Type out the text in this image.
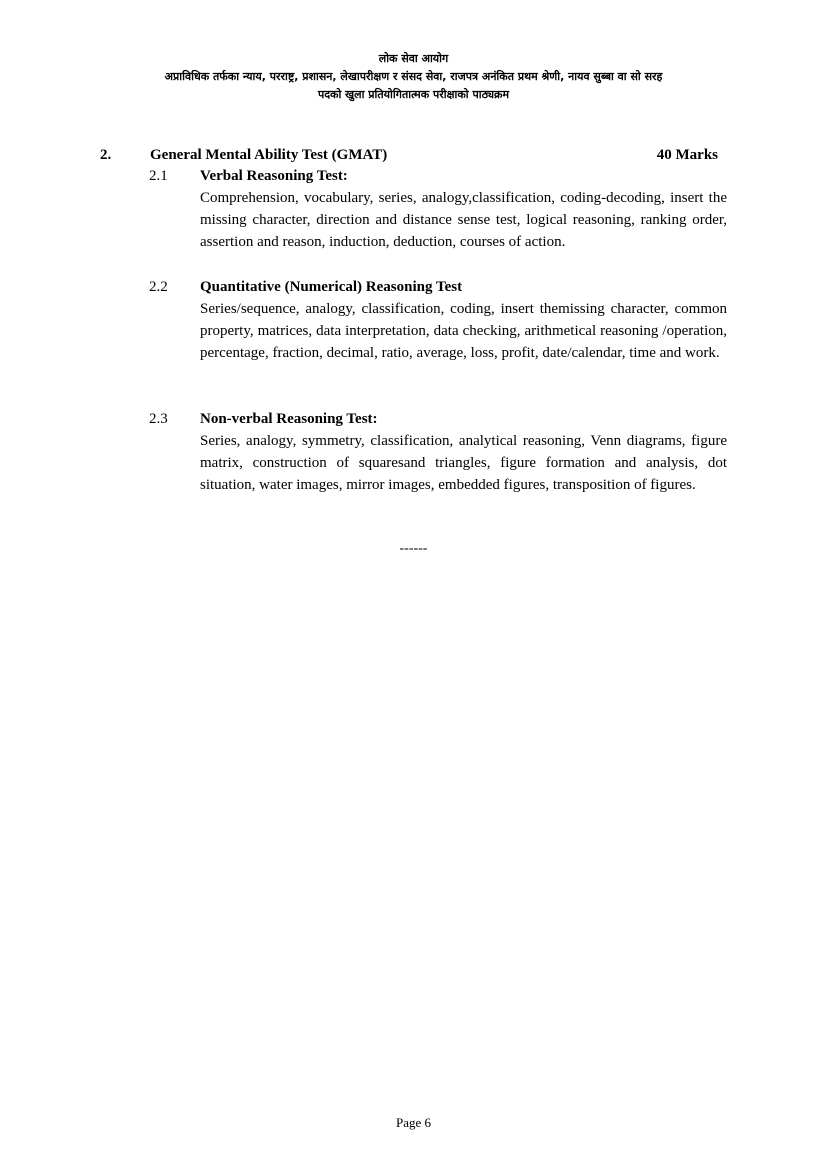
लोक सेवा आयोग
अप्राविधिक तर्फका न्याय, परराष्ट्र, प्रशासन, लेखापरीक्षण र संसद सेवा, राजपत्र अनंकित प्रथम श्रेणी, नायव सुब्बा वा सो सरह
पदको खुला प्रतियोगितात्मक परीक्षाको पाठ्यक्रम
2.	General Mental Ability Test (GMAT)	40 Marks
2.1 Verbal Reasoning Test:
Comprehension, vocabulary, series, analogy,classification, coding-decoding, insert the missing character, direction and distance sense test, logical reasoning, ranking order, assertion and reason, induction, deduction, courses of action.
2.2 Quantitative (Numerical) Reasoning Test
Series/sequence, analogy, classification, coding, insert themissing character, common property, matrices, data interpretation, data checking, arithmetical reasoning /operation, percentage, fraction, decimal, ratio, average, loss, profit, date/calendar, time and work.
2.3 Non-verbal Reasoning Test:
Series, analogy, symmetry, classification, analytical reasoning, Venn diagrams, figure matrix, construction of squaresand triangles, figure formation and analysis, dot situation, water images, mirror images, embedded figures, transposition of figures.
------
Page 6
